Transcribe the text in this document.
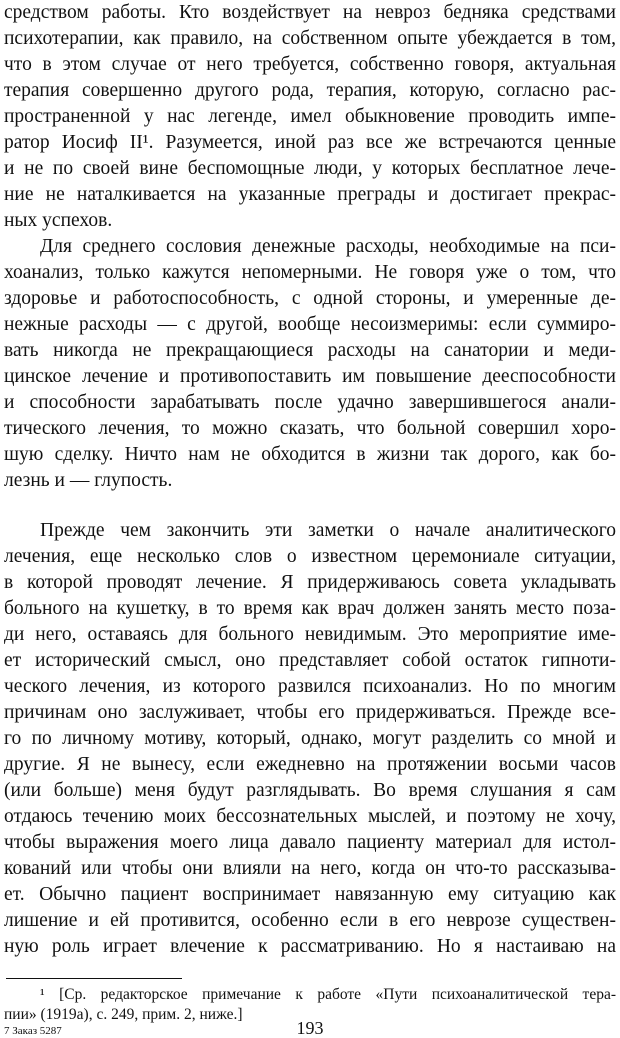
средством работы. Кто воздействует на невроз бедняка средствами
психотерапии, как правило, на собственном опыте убеждается в том,
что в этом случае от него требуется, собственно говоря, актуальная
терапия совершенно другого рода, терапия, которую, согласно рас-
пространенной у нас легенде, имел обыкновение проводить импе-
ратор Иосиф II¹. Разумеется, иной раз все же встречаются ценные
и не по своей вине беспомощные люди, у которых бесплатное лече-
ние не наталкивается на указанные преграды и достигает прекрас-
ных успехов.
Для среднего сословия денежные расходы, необходимые на пси-
хоанализ, только кажутся непомерными. Не говоря уже о том, что
здоровье и работоспособность, с одной стороны, и умеренные де-
нежные расходы — с другой, вообще несоизмеримы: если суммиро-
вать никогда не прекращающиеся расходы на санатории и меди-
цинское лечение и противопоставить им повышение дееспособности
и способности зарабатывать после удачно завершившегося анали-
тического лечения, то можно сказать, что больной совершил хоро-
шую сделку. Ничто нам не обходится в жизни так дорого, как бо-
лезнь и — глупость.
Прежде чем закончить эти заметки о начале аналитического
лечения, еще несколько слов о известном церемониале ситуации,
в которой проводят лечение. Я придерживаюсь совета укладывать
больного на кушетку, в то время как врач должен занять место поза-
ди него, оставаясь для больного невидимым. Это мероприятие име-
ет исторический смысл, оно представляет собой остаток гипноти-
ческого лечения, из которого развился психоанализ. Но по многим
причинам оно заслуживает, чтобы его придерживаться. Прежде все-
го по личному мотиву, который, однако, могут разделить со мной и
другие. Я не вынесу, если ежедневно на протяжении восьми часов
(или больше) меня будут разглядывать. Во время слушания я сам
отдаюсь течению моих бессознательных мыслей, и поэтому не хочу,
чтобы выражения моего лица давало пациенту материал для истол-
кований или чтобы они влияли на него, когда он что-то рассказыва-
ет. Обычно пациент воспринимает навязанную ему ситуацию как
лишение и ей противится, особенно если в его неврозе существен-
ную роль играет влечение к рассматриванию. Но я настаиваю на
¹ [Ср. редакторское примечание к работе «Пути психоаналитической тера-
пии» (1919а), с. 249, прим. 2, ниже.]
193
7 Заказ 5287
